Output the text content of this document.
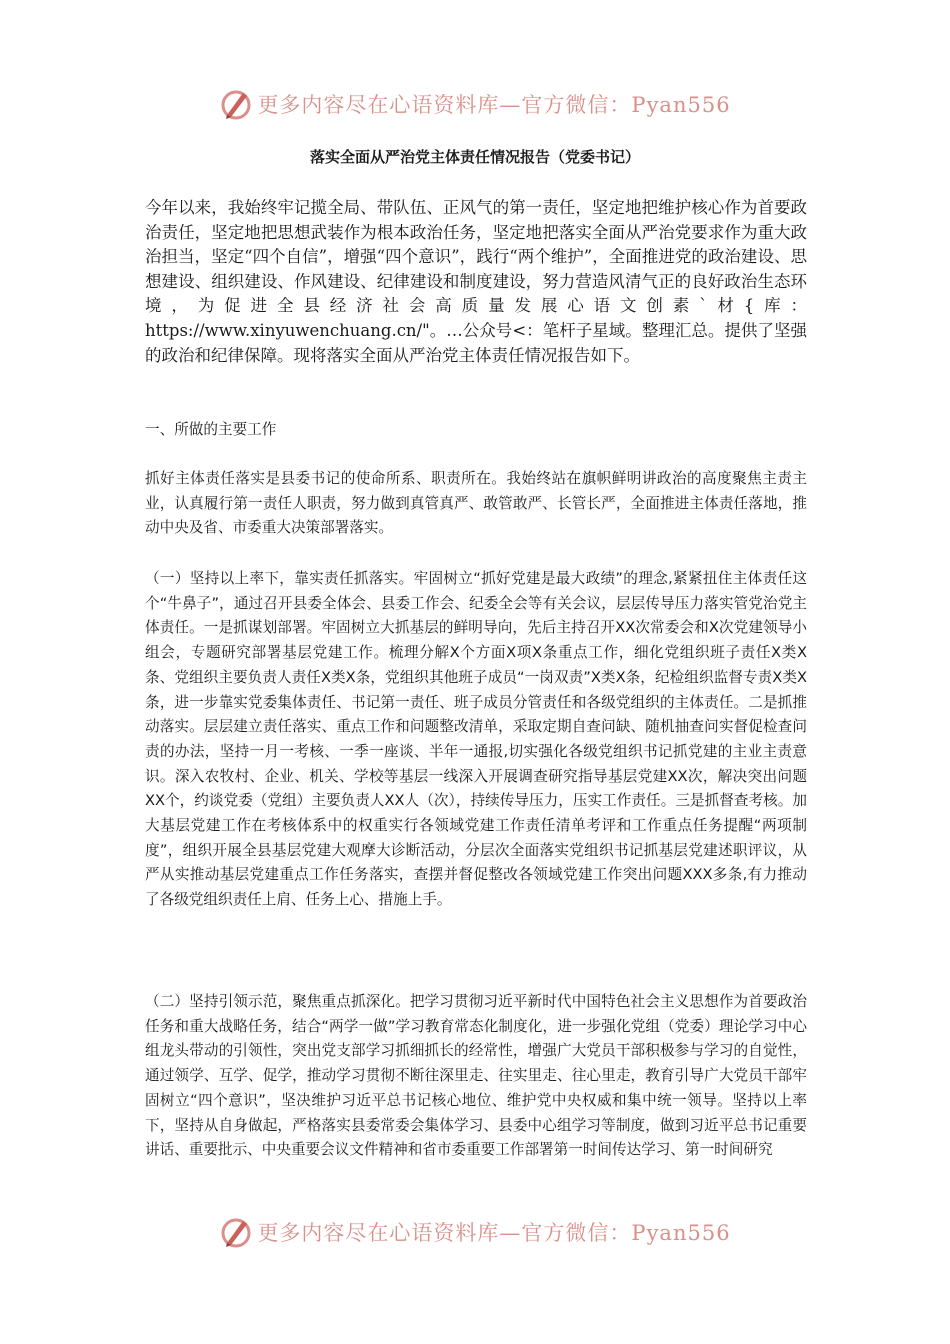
更多内容尽在心语资料库—官方微信：Pyan556
落实全面从严治党主体责任情况报告（党委书记）

今年以来，我始终牢记揽全局、带队伍、正风气的第一责任，坚定地把维护核心作为首要政治责任，坚定地把思想武装作为根本政治任务，坚定地把落实全面从严治党要求作为重大政治担当，坚定“四个自信”，增强“四个意识”，践行“两个维护”，全面推进党的政治建设、思想建设、组织建设、作风建设、纪律建设和制度建设，努力营造风清气正的良好政治生态环境，为促进全县经济社会高质量发展心语文创素`材{库：https://www.xinyuwenchuang.cn/"。…公众号<：笔杆子星域。整理汇总。提供了坚强的政治和纪律保障。现将落实全面从严治党主体责任情况报告如下。

一、所做的主要工作

抓好主体责任落实是县委书记的使命所系、职责所在。我始终站在旗帜鲜明讲政治的高度聚焦主责主业，认真履行第一责任人职责，努力做到真管真严、敢管敢严、长管长严，全面推进主体责任落地，推动中央及省、市委重大决策部署落实。

（一）坚持以上率下，靠实责任抓落实。牢固树立“抓好党建是最大政绩”的理念,紧紧扭住主体责任这个“牛鼻子”，通过召开县委全体会、县委工作会、纪委全会等有关会议，层层传导压力落实管党治党主体责任。一是抓谋划部署。牢固树立大抓基层的鲜明导向，先后主持召开XX次常委会和X次党建领导小组会，专题研究部署基层党建工作。梳理分解X个方面X项X条重点工作，细化党组织班子责任X类X条、党组织主要负责人责任X类X条，党组织其他班子成员“一岗双责”X类X条，纪检组织监督专责X类X条，进一步靠实党委集体责任、书记第一责任、班子成员分管责任和各级党组织的主体责任。二是抓推动落实。层层建立责任落实、重点工作和问题整改清单，采取定期自查问缺、随机抽查问实督促检查问责的办法，坚持一月一考核、一季一座谈、半年一通报,切实强化各级党组织书记抓党建的主业主责意识。深入农牧村、企业、机关、学校等基层一线深入开展调查研究指导基层党建XX次，解决突出问题XX个，约谈党委（党组）主要负责人XX人（次），持续传导压力，压实工作责任。三是抓督查考核。加大基层党建工作在考核体系中的权重实行各领域党建工作责任清单考评和工作重点任务提醒“两项制度”，组织开展全县基层党建大观摩大诊断活动，分层次全面落实党组织书记抓基层党建述职评议，从严从实推动基层党建重点工作任务落实，查摆并督促整改各领域党建工作突出问题XXX多条,有力推动了各级党组织责任上肩、任务上心、措施上手。

（二）坚持引领示范，聚焦重点抓深化。把学习贯彻习近平新时代中国特色社会主义思想作为首要政治任务和重大战略任务，结合“两学一做”学习教育常态化制度化，进一步强化党组（党委）理论学习中心组龙头带动的引领性，突出党支部学习抓细抓长的经常性，增强广大党员干部积极参与学习的自觉性，通过领学、互学、促学，推动学习贯彻不断往深里走、往实里走、往心里走，教育引导广大党员干部牢固树立“四个意识”，坚决维护习近平总书记核心地位、维护党中央权威和集中统一领导。坚持以上率下，坚持从自身做起，严格落实县委常委会集体学习、县委中心组学习等制度，做到习近平总书记重要讲话、重要批示、中央重要会议文件精神和省市委重要工作部署第一时间传达学习、第一时间研究

更多内容尽在心语资料库—官方微信：Pyan556
